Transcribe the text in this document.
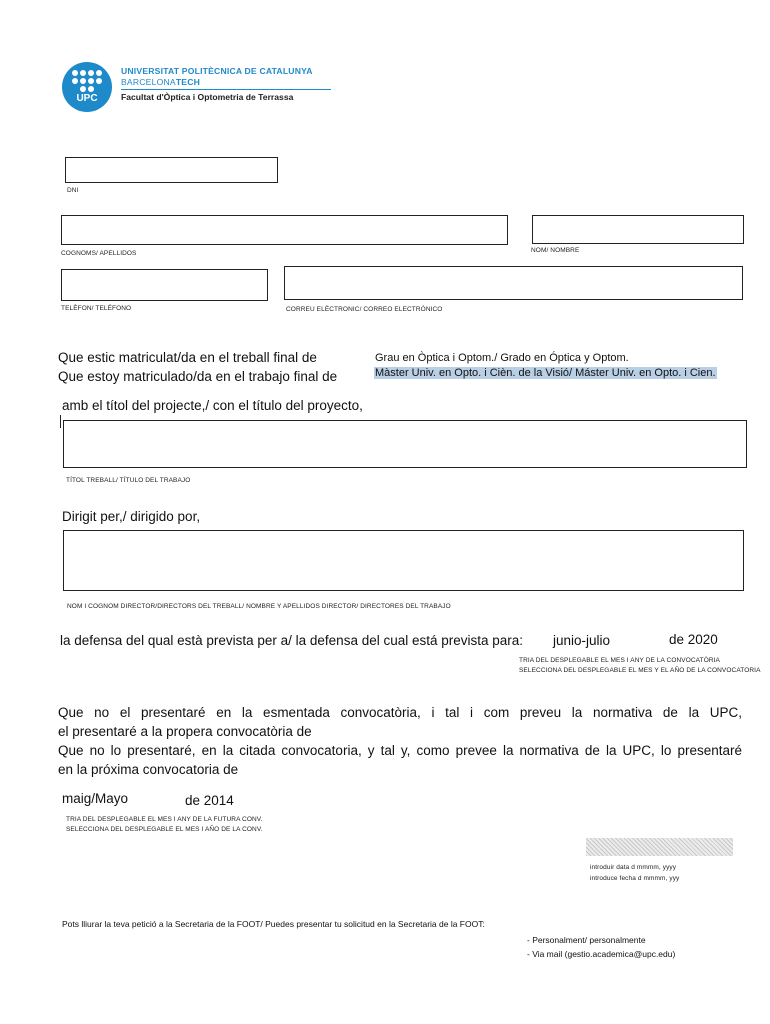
UPC
UNIVERSITAT POLITÈCNICA DE CATALUNYA
BARCELONATECH
Facultat d'Òptica i Optometria de Terrassa
DNI
COGNOMS/ APELLIDOS	NOM/ NOMBRE
TELÈFON/ TELÉFONO	CORREU ELÈCTRONIC/ CORREO ELECTRÓNICO
Que estic matriculat/da en el treball final de
Que estoy matriculado/da en el trabajo final de
Grau en Òptica i Optom./ Grado en Óptica y Optom.
Màster Univ. en Opto. i Cièn. de la Visió/ Máster Univ. en Opto. i Cien.
amb el títol del projecte,/ con el título del proyecto,
TÍTOL TREBALL/ TÍTULO DEL TRABAJO
Dirigit per,/ dirigido por,
NOM I COGNOM DIRECTOR/DIRECTORS DEL TREBALL/ NOMBRE Y APELLIDOS DIRECTOR/ DIRECTORES DEL TRABAJO
la defensa del qual està prevista per a/ la defensa del cual está prevista para: junio-julio	de 2020
TRIA DEL DESPLEGABLE EL MES I ANY DE LA CONVOCATÒRIA
SELECCIONA DEL DESPLEGABLE EL MES Y EL AÑO DE LA CONVOCATORIA
Que no el presentaré en la esmentada convocatòria, i tal i com preveu la normativa de la UPC,
el presentaré a la propera convocatòria de
Que no lo presentaré, en la citada convocatoria, y tal y, como prevee la normativa de la UPC, lo presentaré
en la próxima convocatoria de
maig/Mayo	de 2014
TRIA DEL DESPLEGABLE EL MES I ANY DE LA FUTURA CONV.
SELECCIONA DEL DESPLEGABLE EL MES I AÑO DE LA CONV.
introduir data d mmmm, yyyy
introduce fecha d mmmm, yyy
Pots lliurar la teva petició a la Secretaria de la FOOT/ Puedes presentar tu solicitud en la Secretaria de la FOOT:
- Personalment/ personalmente
- Via mail (gestio.academica@upc.edu)
